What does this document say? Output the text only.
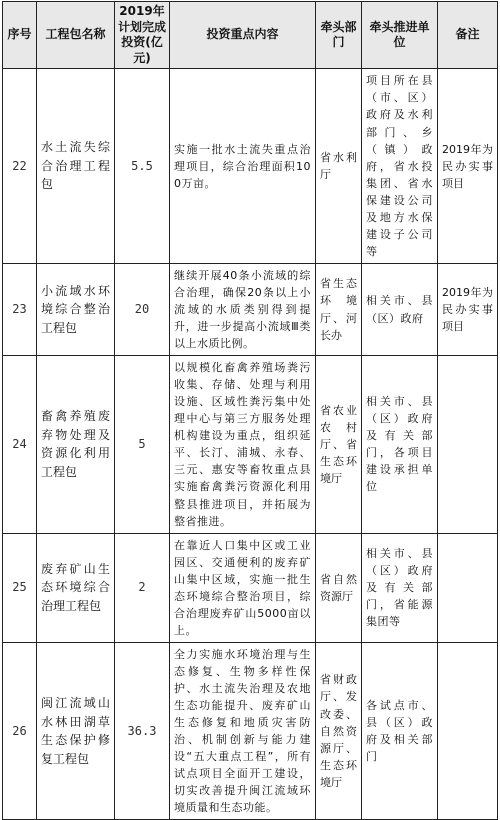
序号	工程包名称	2019年计划完成投资(亿元)	投资重点内容	牵头部门	牵头推进单位	备注
22	水土流失综合治理工程包	5.5	实施一批水土流失重点治理项目，综合治理面积100万亩。	省水利厅	项目所在县（市、区）政府及水利部门、乡（镇）政府，省水投集团、省水保建设公司及地方水保建设子公司等	2019年为民办实事项目
23	小流域水环境综合整治工程包	20	继续开展40条小流域的综合治理，确保20条以上小流域的水质类别得到提升，进一步提高小流域Ⅲ类以上水质比例。	省生态环境厅、河长办	相关市、县（区）政府	2019年为民办实事项目
24	畜禽养殖废弃物处理及资源化利用工程包	5	以规模化畜禽养殖场粪污收集、存储、处理与利用设施、区域性粪污集中处理中心与第三方服务处理机构建设为重点，组织延平、长汀、浦城、永春、三元、惠安等畜牧重点县实施畜禽粪污资源化利用整县推进项目，并拓展为整省推进。	省农业农村厅、省生态环境厅	相关市、县（区）政府及有关部门，各项目建设承担单位	
25	废弃矿山生态环境综合治理工程包	2	在靠近人口集中区或工业园区、交通便利的废弃矿山集中区域，实施一批生态环境综合整治项目，综合治理废弃矿山5000亩以上。	省自然资源厅	相关市、县（区）政府及有关部门，省能源集团等	
26	闽江流域山水林田湖草生态保护修复工程包	36.3	全力实施水环境治理与生态修复、生物多样性保护、水土流失治理及农地生态功能提升、废弃矿山生态修复和地质灾害防治、机制创新与能力建设“五大重点工程”，所有试点项目全面开工建设，切实改善提升闽江流域环境质量和生态功能。	省财政厅、发改委、自然资源厅、生态环境厅	各试点市、县（区）政府及相关部门	
